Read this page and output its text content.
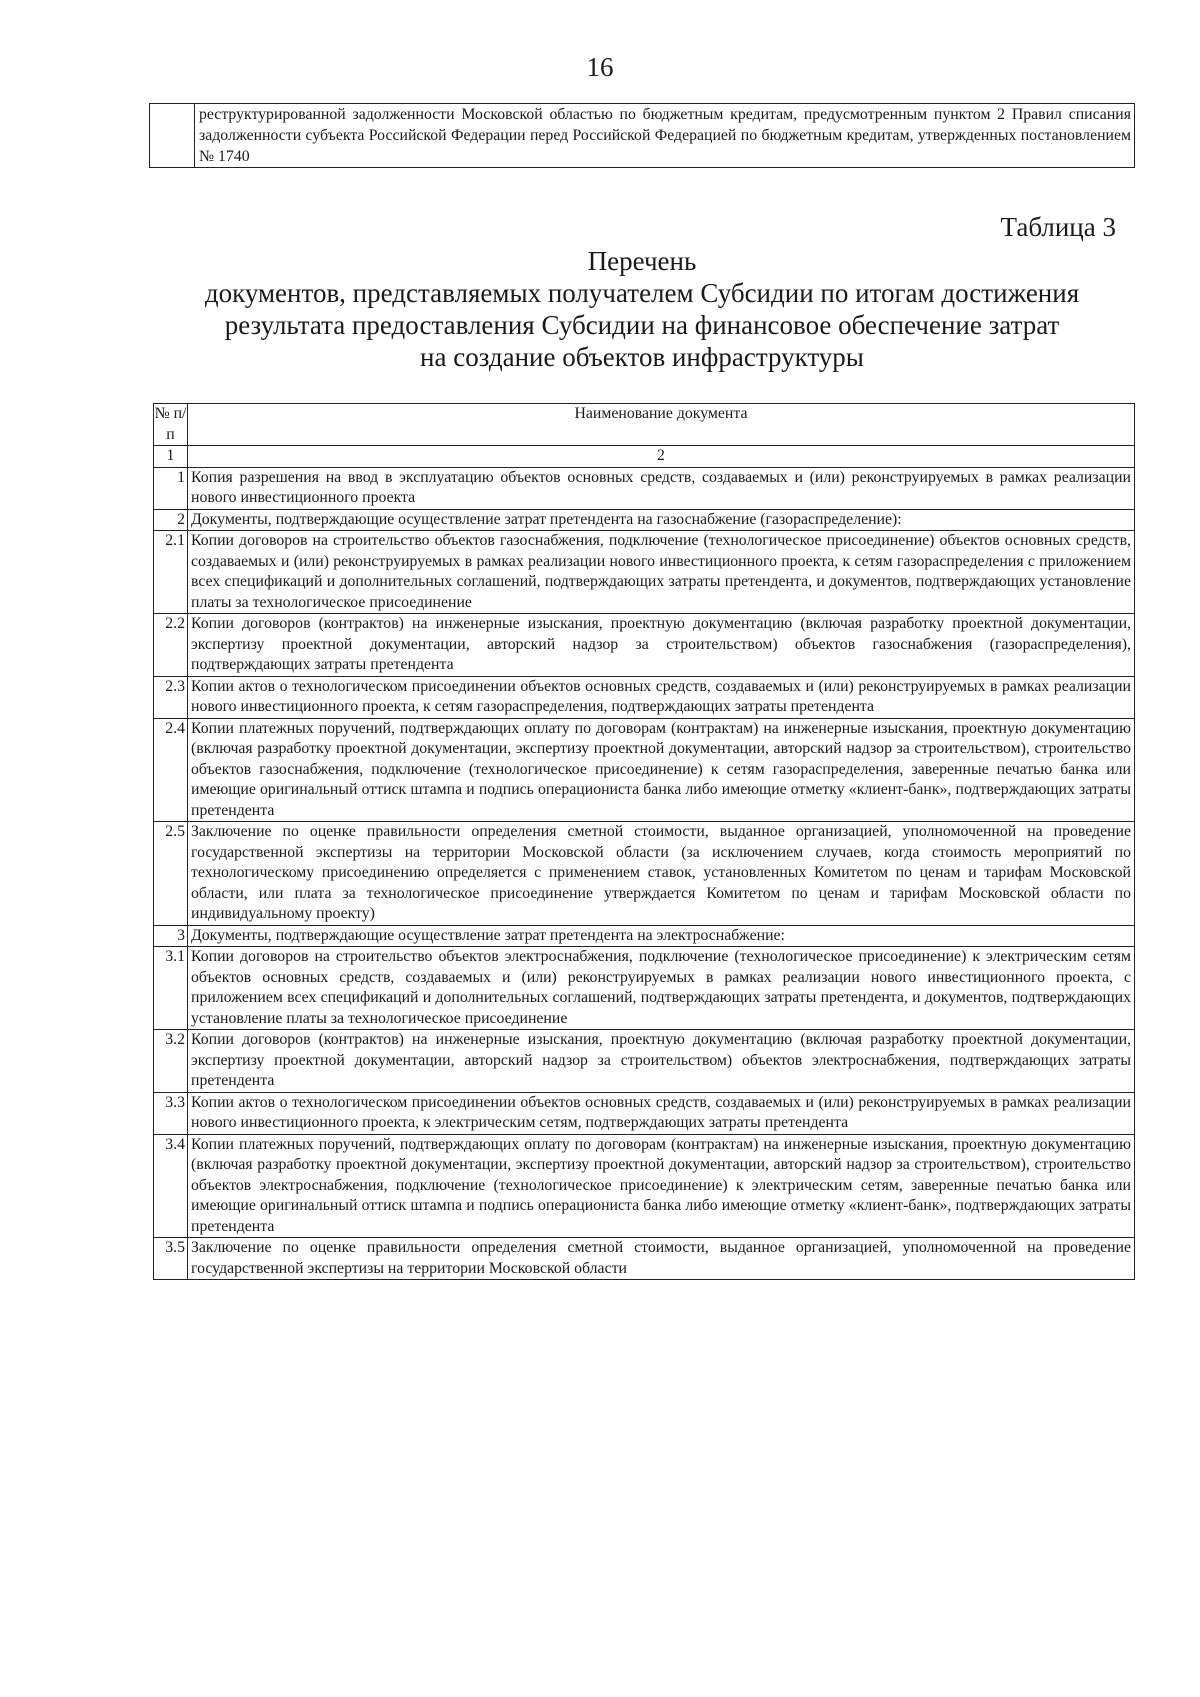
16
	реструктурированной задолженности Московской областью по бюджетным кредитам, предусмотренным пунктом 2 Правил списания задолженности субъекта Российской Федерации перед Российской Федерацией по бюджетным кредитам, утвержденных постановлением № 1740
Таблица 3
Перечень
документов, представляемых получателем Субсидии по итогам достижения
результата предоставления Субсидии на финансовое обеспечение затрат
на создание объектов инфраструктуры
№ п/п	Наименование документа
1	2
1	Копия разрешения на ввод в эксплуатацию объектов основных средств, создаваемых и (или) реконструируемых в рамках реализации нового инвестиционного проекта
2	Документы, подтверждающие осуществление затрат претендента на газоснабжение (газораспределение):
2.1	Копии договоров на строительство объектов газоснабжения, подключение (технологическое присоединение) объектов основных средств, создаваемых и (или) реконструируемых в рамках реализации нового инвестиционного проекта, к сетям газораспределения с приложением всех спецификаций и дополнительных соглашений, подтверждающих затраты претендента, и документов, подтверждающих установление платы за технологическое присоединение
2.2	Копии договоров (контрактов) на инженерные изыскания, проектную документацию (включая разработку проектной документации, экспертизу проектной документации, авторский надзор за строительством) объектов газоснабжения (газораспределения), подтверждающих затраты претендента
2.3	Копии актов о технологическом присоединении объектов основных средств, создаваемых и (или) реконструируемых в рамках реализации нового инвестиционного проекта, к сетям газораспределения, подтверждающих затраты претендента
2.4	Копии платежных поручений, подтверждающих оплату по договорам (контрактам) на инженерные изыскания, проектную документацию (включая разработку проектной документации, экспертизу проектной документации, авторский надзор за строительством), строительство объектов газоснабжения, подключение (технологическое присоединение) к сетям газораспределения, заверенные печатью банка или имеющие оригинальный оттиск штампа и подпись операциониста банка либо имеющие отметку «клиент-банк», подтверждающих затраты претендента
2.5	Заключение по оценке правильности определения сметной стоимости, выданное организацией, уполномоченной на проведение государственной экспертизы на территории Московской области (за исключением случаев, когда стоимость мероприятий по технологическому присоединению определяется с применением ставок, установленных Комитетом по ценам и тарифам Московской области, или плата за технологическое присоединение утверждается Комитетом по ценам и тарифам Московской области по индивидуальному проекту)
3	Документы, подтверждающие осуществление затрат претендента на электроснабжение:
3.1	Копии договоров на строительство объектов электроснабжения, подключение (технологическое присоединение) к электрическим сетям объектов основных средств, создаваемых и (или) реконструируемых в рамках реализации нового инвестиционного проекта, с приложением всех спецификаций и дополнительных соглашений, подтверждающих затраты претендента, и документов, подтверждающих установление платы за технологическое присоединение
3.2	Копии договоров (контрактов) на инженерные изыскания, проектную документацию (включая разработку проектной документации, экспертизу проектной документации, авторский надзор за строительством) объектов электроснабжения, подтверждающих затраты претендента
3.3	Копии актов о технологическом присоединении объектов основных средств, создаваемых и (или) реконструируемых в рамках реализации нового инвестиционного проекта, к электрическим сетям, подтверждающих затраты претендента
3.4	Копии платежных поручений, подтверждающих оплату по договорам (контрактам) на инженерные изыскания, проектную документацию (включая разработку проектной документации, экспертизу проектной документации, авторский надзор за строительством), строительство объектов электроснабжения, подключение (технологическое присоединение) к электрическим сетям, заверенные печатью банка или имеющие оригинальный оттиск штампа и подпись операциониста банка либо имеющие отметку «клиент-банк», подтверждающих затраты претендента
3.5	Заключение по оценке правильности определения сметной стоимости, выданное организацией, уполномоченной на проведение государственной экспертизы на территории Московской области
